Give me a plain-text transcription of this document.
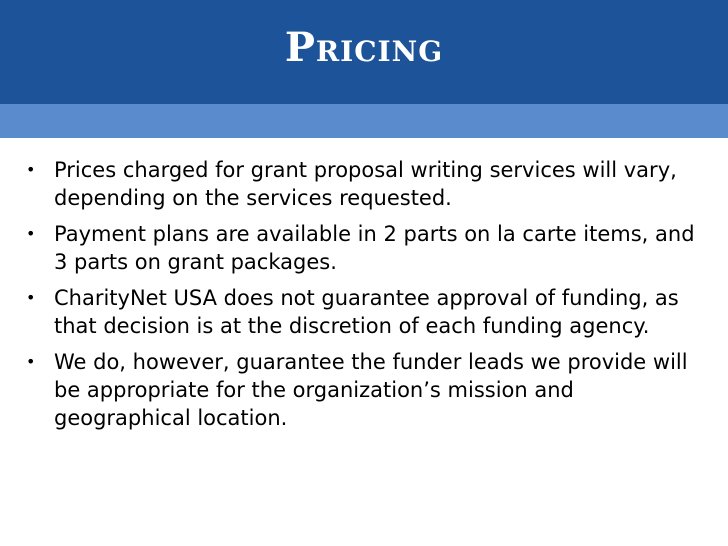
Pricing
• Prices charged for grant proposal writing services will vary, depending on the services requested.
• Payment plans are available in 2 parts on la carte items, and 3 parts on grant packages.
• CharityNet USA does not guarantee approval of funding, as that decision is at the discretion of each funding agency.
• We do, however, guarantee the funder leads we provide will be appropriate for the organization’s mission and geographical location.
